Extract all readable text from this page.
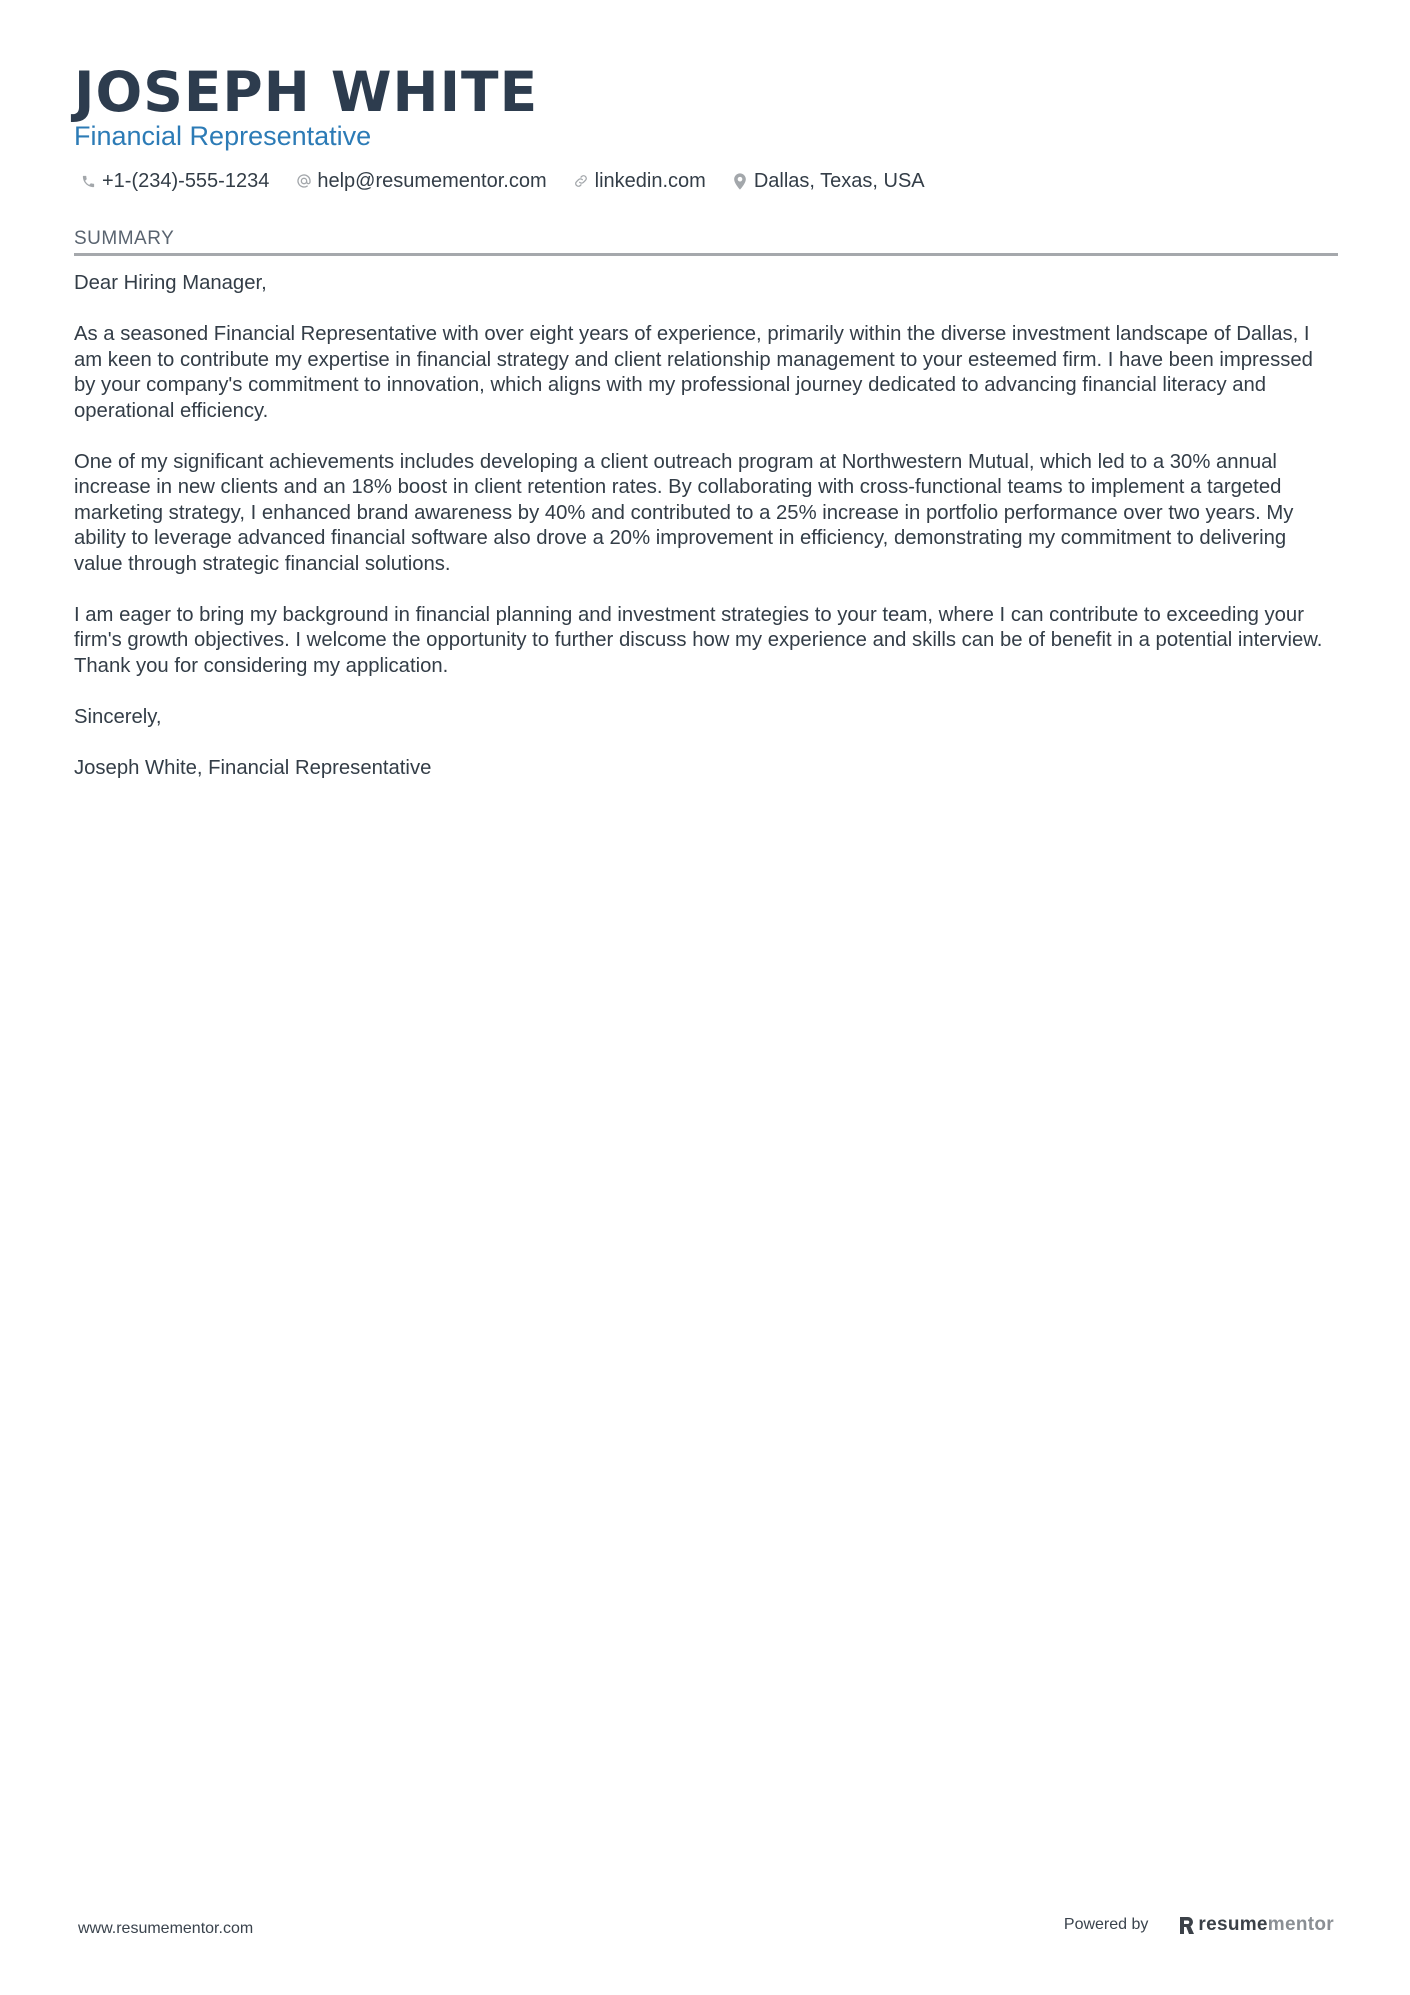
JOSEPH WHITE
Financial Representative
+1-(234)-555-1234 help@resumementor.com linkedin.com Dallas, Texas, USA
SUMMARY

Dear Hiring Manager,

As a seasoned Financial Representative with over eight years of experience, primarily within the diverse investment landscape of Dallas, I am keen to contribute my expertise in financial strategy and client relationship management to your esteemed firm. I have been impressed by your company's commitment to innovation, which aligns with my professional journey dedicated to advancing financial literacy and operational efficiency.

One of my significant achievements includes developing a client outreach program at Northwestern Mutual, which led to a 30% annual increase in new clients and an 18% boost in client retention rates. By collaborating with cross-functional teams to implement a targeted marketing strategy, I enhanced brand awareness by 40% and contributed to a 25% increase in portfolio performance over two years. My ability to leverage advanced financial software also drove a 20% improvement in efficiency, demonstrating my commitment to delivering value through strategic financial solutions.

I am eager to bring my background in financial planning and investment strategies to your team, where I can contribute to exceeding your firm's growth objectives. I welcome the opportunity to further discuss how my experience and skills can be of benefit in a potential interview. Thank you for considering my application.

Sincerely,

Joseph White, Financial Representative

www.resumementor.com	Powered by	resumementor
